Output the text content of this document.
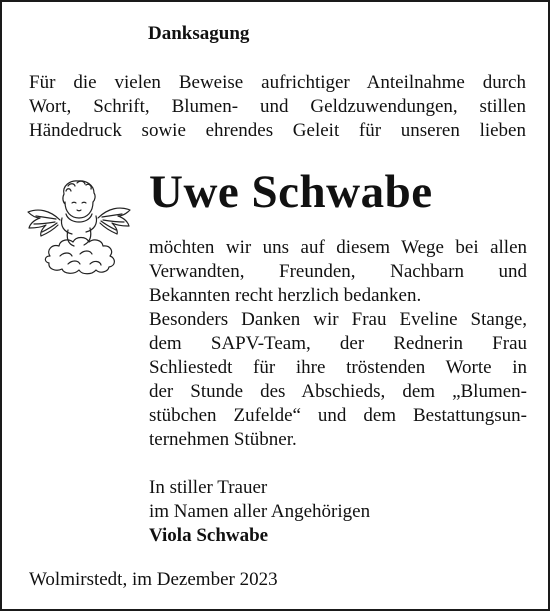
Danksagung
Für die vielen Beweise aufrichtiger Anteilnahme durch
Wort, Schrift, Blumen- und Geldzuwendungen, stillen
Händedruck sowie ehrendes Geleit für unseren lieben
Uwe Schwabe
möchten wir uns auf diesem Wege bei allen
Verwandten, Freunden, Nachbarn und
Bekannten recht herzlich bedanken.
Besonders Danken wir Frau Eveline Stange,
dem SAPV-Team, der Rednerin Frau
Schliestedt für ihre tröstenden Worte in
der Stunde des Abschieds, dem „Blumen-
stübchen Zufelde“ und dem Bestattungsun-
ternehmen Stübner.
In stiller Trauer
im Namen aller Angehörigen
Viola Schwabe
Wolmirstedt, im Dezember 2023
